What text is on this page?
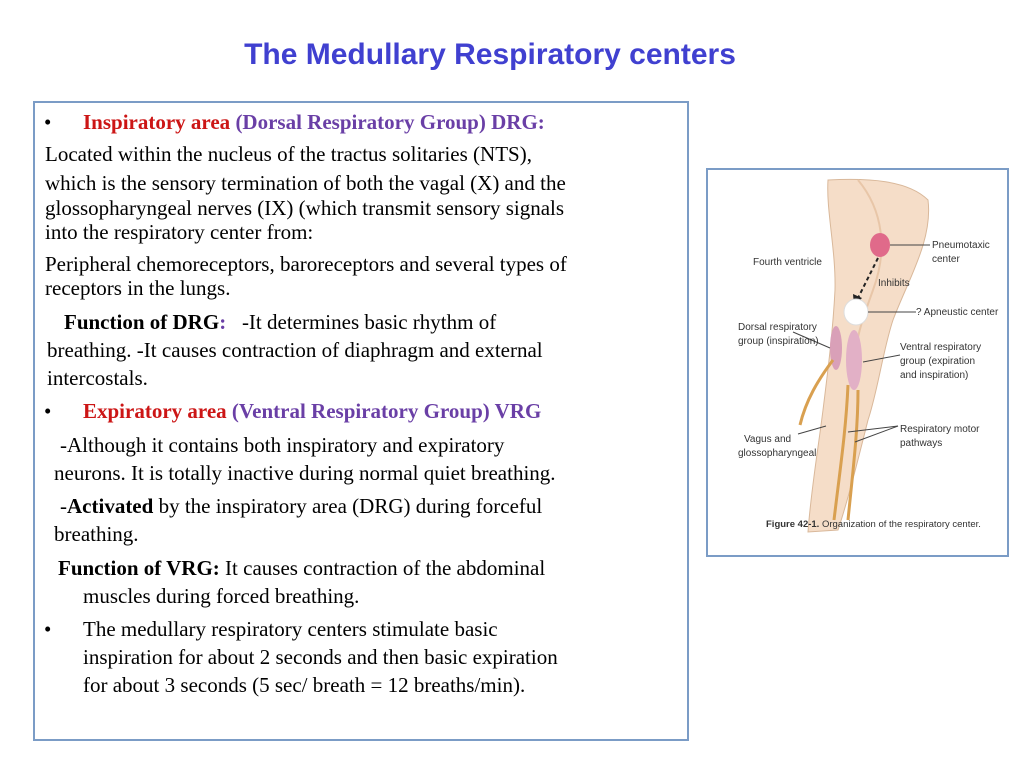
The Medullary Respiratory centers
• Inspiratory area (Dorsal Respiratory Group) DRG:
Located within the nucleus of the tractus solitaries (NTS),
which is the sensory termination of both the vagal (X) and the
glossopharyngeal nerves (IX) (which transmit sensory signals
into the respiratory center from:
Peripheral chemoreceptors, baroreceptors and several types of
receptors in the lungs.
Function of DRG: -It determines basic rhythm of
breathing. -It causes contraction of diaphragm and external
intercostals.
• Expiratory area (Ventral Respiratory Group) VRG
-Although it contains both inspiratory and expiratory
neurons. It is totally inactive during normal quiet breathing.
-Activated by the inspiratory area (DRG) during forceful
breathing.
Function of VRG: It causes contraction of the abdominal
muscles during forced breathing.
• The medullary respiratory centers stimulate basic
inspiration for about 2 seconds and then basic expiration
for about 3 seconds (5 sec/ breath = 12 breaths/min).
Fourth ventricle
Pneumotaxic
center
Inhibits
? Apneustic center
Dorsal respiratory
group (inspiration)
Ventral respiratory
group (expiration
and inspiration)
Vagus and
glossopharyngeal
Respiratory motor
pathways
Figure 42-1. Organization of the respiratory center.
